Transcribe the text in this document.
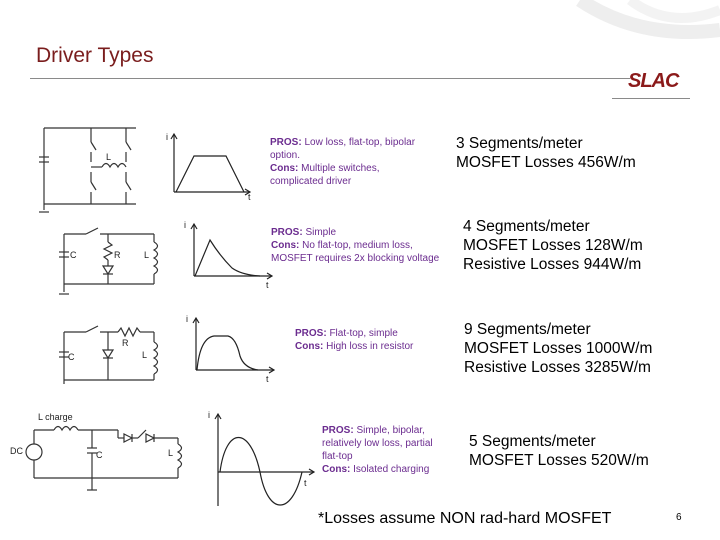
Driver Types
SLAC
L
i
t
PROS: Low loss, flat-top, bipolar option.
Cons: Multiple switches, complicated driver
3 Segments/meter
MOSFET Losses 456W/m
C	R	L
i
t
PROS: Simple
Cons: No flat-top, medium loss, MOSFET requires 2x blocking voltage
4 Segments/meter
MOSFET Losses 128W/m
Resistive Losses 944W/m
R
C	L
i
t
PROS: Flat-top, simple
Cons: High loss in resistor
9 Segments/meter
MOSFET Losses 1000W/m
Resistive Losses 3285W/m
L charge
DC	C	L
i
t
PROS: Simple, bipolar, relatively low loss, partial flat-top
Cons: Isolated charging
5 Segments/meter
MOSFET Losses 520W/m
*Losses assume NON rad-hard MOSFET	6
